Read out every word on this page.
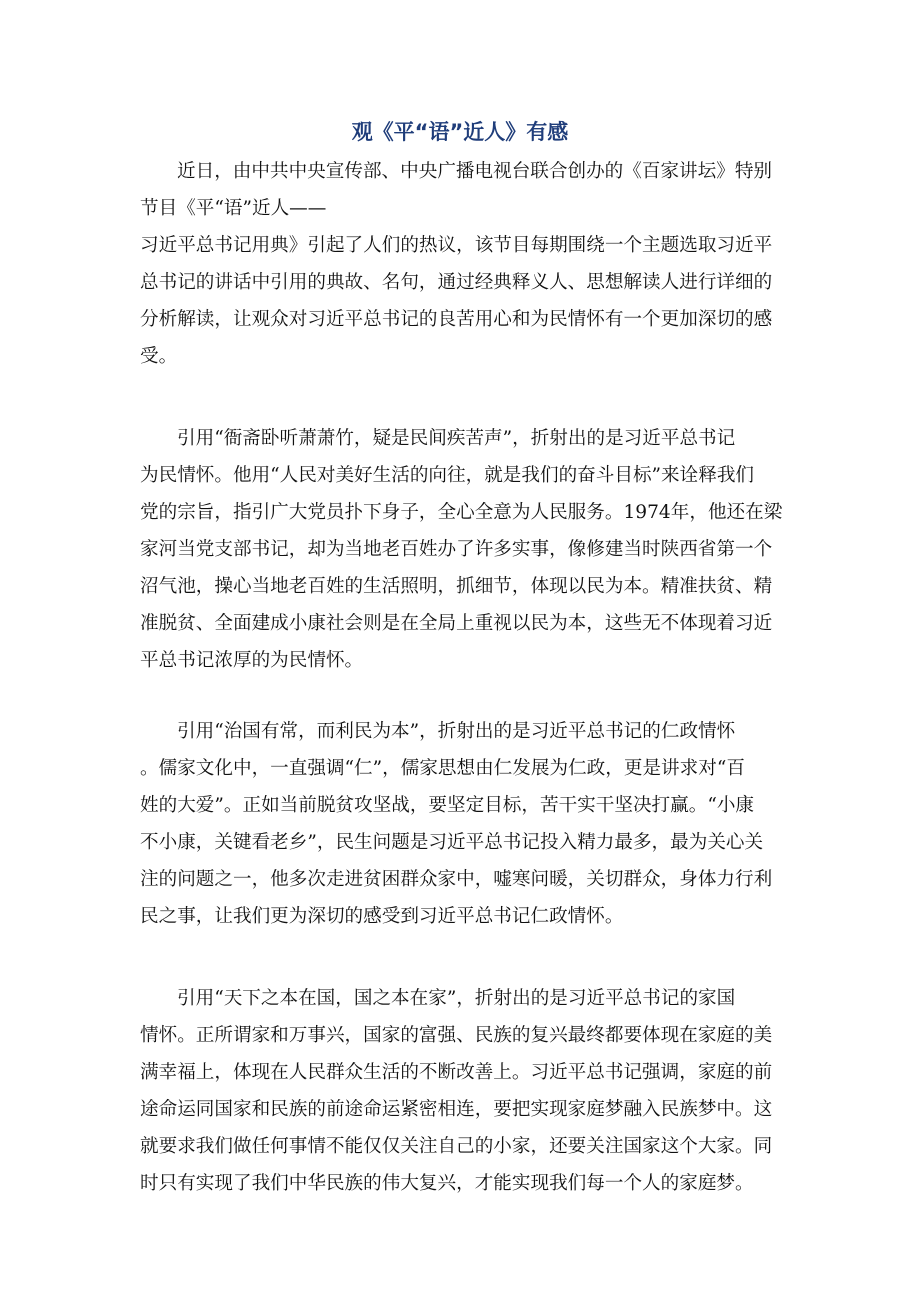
观《平“语”近人》有感

近日，由中共中央宣传部、中央广播电视台联合创办的《百家讲坛》特别

节目《平“语”近人——

习近平总书记用典》引起了人们的热议，该节目每期围绕一个主题选取习近平

总书记的讲话中引用的典故、名句，通过经典释义人、思想解读人进行详细的

分析解读，让观众对习近平总书记的良苦用心和为民情怀有一个更加深切的感

受。

引用“衙斋卧听萧萧竹，疑是民间疾苦声”，折射出的是习近平总书记

为民情怀。他用“人民对美好生活的向往，就是我们的奋斗目标”来诠释我们

党的宗旨，指引广大党员扑下身子，全心全意为人民服务。1974年，他还在梁

家河当党支部书记，却为当地老百姓办了许多实事，像修建当时陕西省第一个

沼气池，操心当地老百姓的生活照明，抓细节，体现以民为本。精准扶贫、精

准脱贫、全面建成小康社会则是在全局上重视以民为本，这些无不体现着习近

平总书记浓厚的为民情怀。

引用“治国有常，而利民为本”，折射出的是习近平总书记的仁政情怀

。儒家文化中，一直强调“仁”，儒家思想由仁发展为仁政，更是讲求对“百

姓的大爱”。正如当前脱贫攻坚战，要坚定目标，苦干实干坚决打赢。“小康

不小康，关键看老乡”，民生问题是习近平总书记投入精力最多，最为关心关

注的问题之一，他多次走进贫困群众家中，嘘寒问暖，关切群众，身体力行利

民之事，让我们更为深切的感受到习近平总书记仁政情怀。

引用“天下之本在国，国之本在家”，折射出的是习近平总书记的家国

情怀。正所谓家和万事兴，国家的富强、民族的复兴最终都要体现在家庭的美

满幸福上，体现在人民群众生活的不断改善上。习近平总书记强调，家庭的前

途命运同国家和民族的前途命运紧密相连，要把实现家庭梦融入民族梦中。这

就要求我们做任何事情不能仅仅关注自己的小家，还要关注国家这个大家。同

时只有实现了我们中华民族的伟大复兴，才能实现我们每一个人的家庭梦。
